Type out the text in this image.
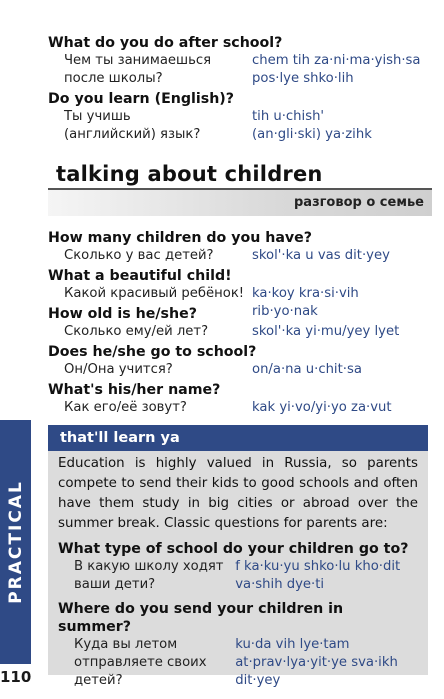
What do you do after school?
Чем ты занимаешься	chem tih za·ni·ma·yish·sa
после школы?	pos·lye shko·lih
Do you learn (English)?
Ты учишь	tih u·chish'
(английский) язык?	(an·gli·ski) ya·zihk
talking about children
разговор о семье
How many children do you have?
Сколько у вас детей?	skol'·ka u vas dit·yey
What a beautiful child!
Какой красивый ребёнок! ka·koy kra·si·vih rib·yo·nak
How old is he/she?
Сколько ему/ей лет?	skol'·ka yi·mu/yey lyet
Does he/she go to school?
Он/Она учится?	on/a·na u·chit·sa
What's his/her name?
Как его/её зовут?	kak yi·vo/yi·yo za·vut
that'll learn ya
Education is highly valued in Russia, so parents compete to send their kids to good schools and often have them study in big cities or abroad over the summer break. Classic questions for parents are:
What type of school do your children go to?
В какую школу ходят f ka·ku·yu shko·lu kho·dit
ваши дети?	va·shih dye·ti
Where do you send your children in summer?
Куда вы летом	ku·da vih lye·tam
отправляете своих	at·prav·lya·yit·ye sva·ikh
детей?	dit·yey
PRACTICAL
110
